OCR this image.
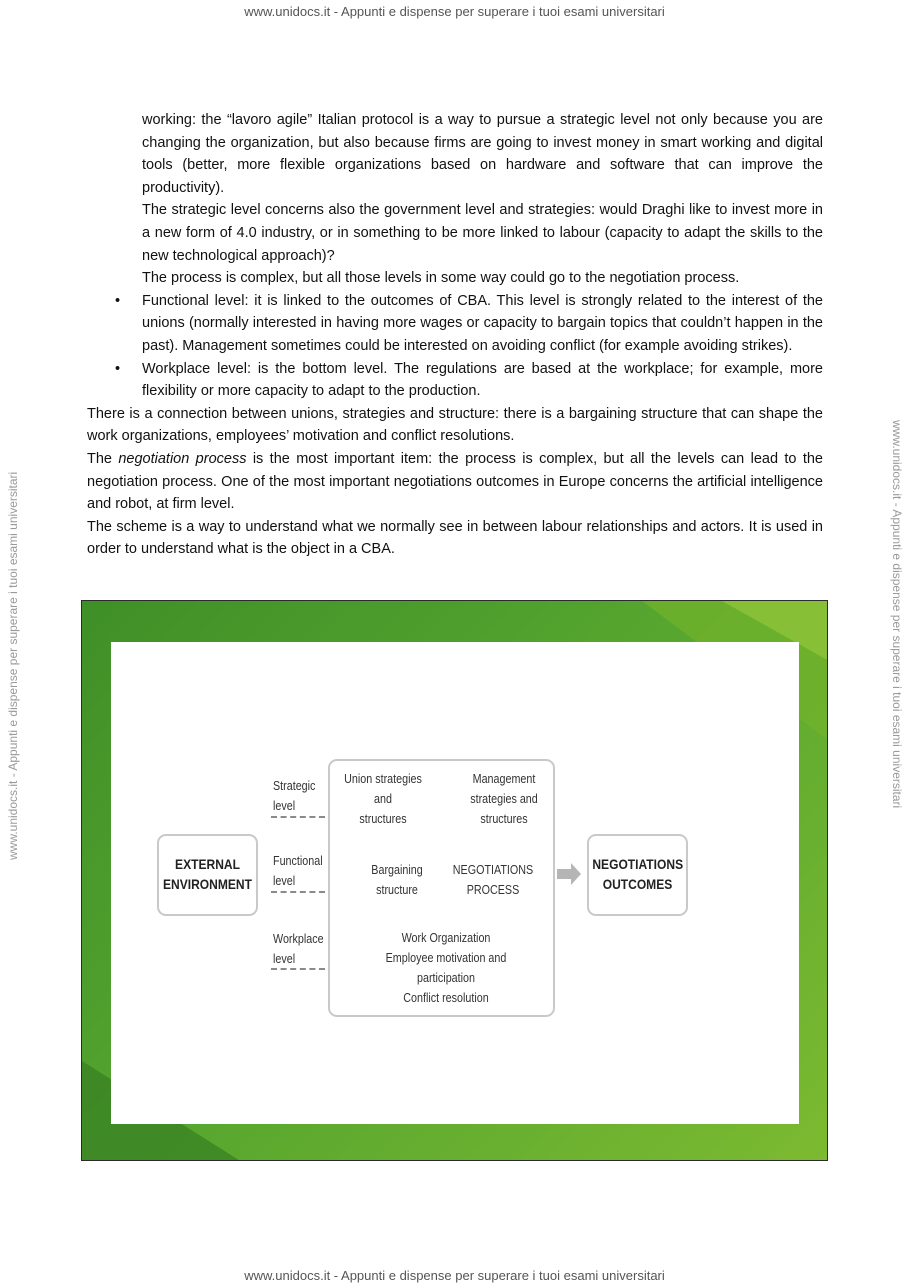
www.unidocs.it - Appunti e dispense per superare i tuoi esami universitari
www.unidocs.it - Appunti e dispense per superare i tuoi esami universitari	www.unidocs.it - Appunti e dispense per superare i tuoi esami universitari

working: the “lavoro agile” Italian protocol is a way to pursue a strategic level not only because you are changing the organization, but also because firms are going to invest money in smart working and digital tools (better, more flexible organizations based on hardware and software that can improve the productivity).

The strategic level concerns also the government level and strategies: would Draghi like to invest more in a new form of 4.0 industry, or in something to be more linked to labour (capacity to adapt the skills to the new technological approach)?

The process is complex, but all those levels in some way could go to the negotiation process.

• Functional level: it is linked to the outcomes of CBA. This level is strongly related to the interest of the unions (normally interested in having more wages or capacity to bargain topics that couldn’t happen in the past). Management sometimes could be interested on avoiding conflict (for example avoiding strikes).

• Workplace level: is the bottom level. The regulations are based at the workplace; for example, more flexibility or more capacity to adapt to the production.

There is a connection between unions, strategies and structure: there is a bargaining structure that can shape the work organizations, employees’ motivation and conflict resolutions.

The negotiation process is the most important item: the process is complex, but all the levels can lead to the negotiation process. One of the most important negotiations outcomes in Europe concerns the artificial intelligence and robot, at firm level.

The scheme is a way to understand what we normally see in between labour relationships and actors. It is used in order to understand what is the object in a CBA.

EXTERNAL
ENVIRONMENT
Strategic
level
Functional
level
Workplace
level
Union strategies
and
structures
Management
strategies and
structures
Bargaining
structure
NEGOTIATIONS
PROCESS
Work Organization
Employee motivation and
participation
Conflict resolution
NEGOTIATIONS
OUTCOMES
www.unidocs.it - Appunti e dispense per superare i tuoi esami universitari
